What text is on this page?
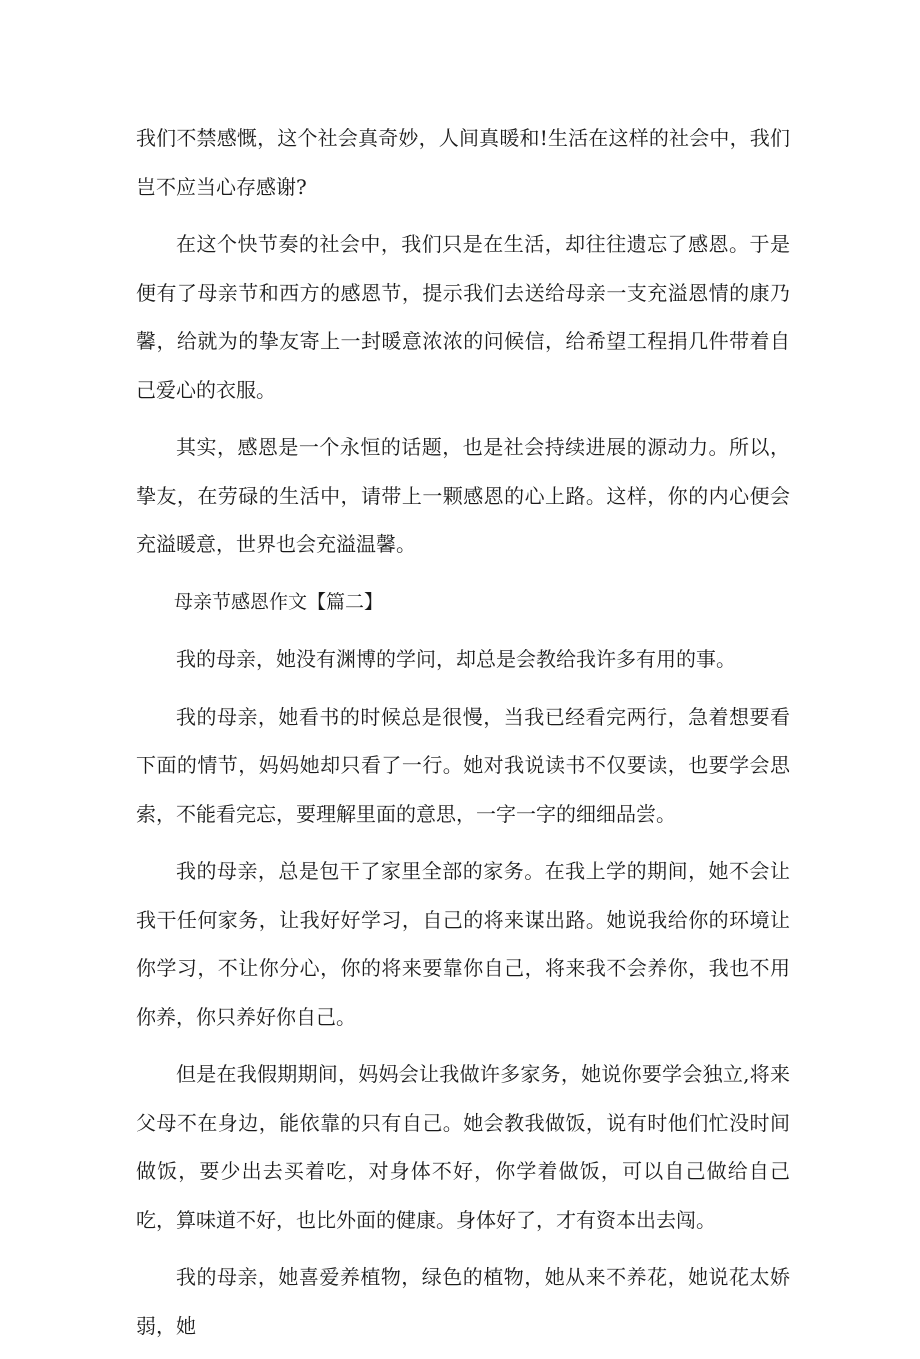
我们不禁感慨，这个社会真奇妙，人间真暖和!生活在这样的社会中，我们岂不应当心存感谢?

在这个快节奏的社会中，我们只是在生活，却往往遗忘了感恩。于是便有了母亲节和西方的感恩节，提示我们去送给母亲一支充溢恩情的康乃馨，给就为的挚友寄上一封暖意浓浓的问候信，给希望工程捐几件带着自己爱心的衣服。

其实，感恩是一个永恒的话题，也是社会持续进展的源动力。所以，挚友，在劳碌的生活中，请带上一颗感恩的心上路。这样，你的内心便会充溢暖意，世界也会充溢温馨。

母亲节感恩作文【篇二】

我的母亲，她没有渊博的学问，却总是会教给我许多有用的事。

我的母亲，她看书的时候总是很慢，当我已经看完两行，急着想要看下面的情节，妈妈她却只看了一行。她对我说读书不仅要读，也要学会思索，不能看完忘，要理解里面的意思，一字一字的细细品尝。

我的母亲，总是包干了家里全部的家务。在我上学的期间，她不会让我干任何家务，让我好好学习，自己的将来谋出路。她说我给你的环境让你学习，不让你分心，你的将来要靠你自己，将来我不会养你，我也不用你养，你只养好你自己。

但是在我假期期间，妈妈会让我做许多家务，她说你要学会独立,将来父母不在身边，能依靠的只有自己。她会教我做饭，说有时他们忙没时间做饭，要少出去买着吃，对身体不好，你学着做饭，可以自己做给自己吃，算味道不好，也比外面的健康。身体好了，才有资本出去闯。

我的母亲，她喜爱养植物，绿色的植物，她从来不养花，她说花太娇弱，她
